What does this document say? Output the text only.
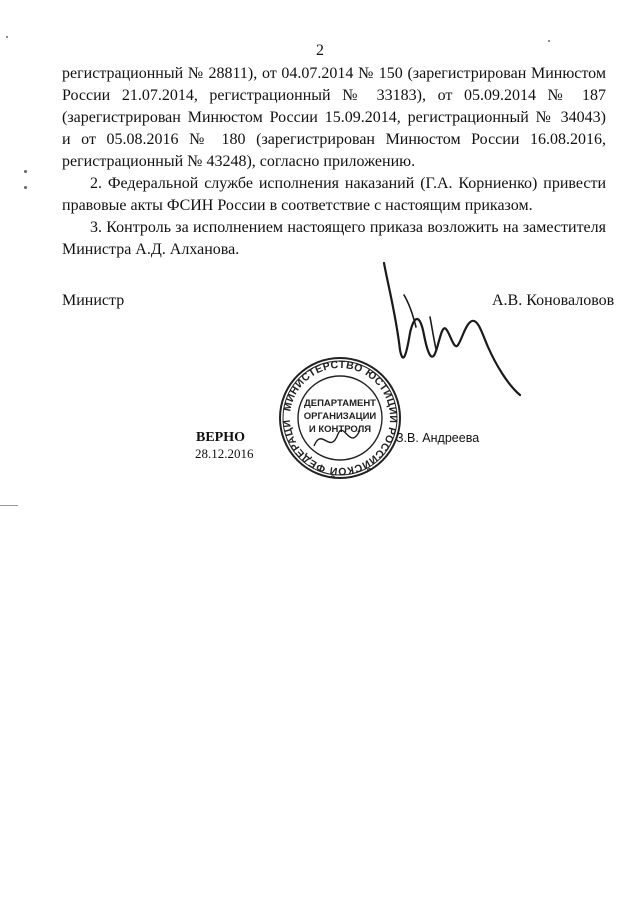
2

регистрационный № 28811), от 04.07.2014 № 150 (зарегистрирован Минюстом
России 21.07.2014, регистрационный № 33183), от 05.09.2014 № 187
(зарегистрирован Минюстом России 15.09.2014, регистрационный № 34043)
и от 05.08.2016 № 180 (зарегистрирован Минюстом России 16.08.2016,
регистрационный № 43248), согласно приложению.

2. Федеральной службе исполнения наказаний (Г.А. Корниенко) привести
правовые акты ФСИН России в соответствие с настоящим приказом.

3. Контроль за исполнением настоящего приказа возложить на заместителя
Министра А.Д. Алханова.

Министр	А.В. Коноваловов
МИНИСТЕРСТВО ЮСТИЦИИ РОССИЙСКОЙ ФЕДЕРАЦИ
ДЕПАРТАМЕНТ
ОРГАНИЗАЦИИ
И КОНТРОЛЯ
ВЕРНО
28.12.2016
З.В. Андреева
